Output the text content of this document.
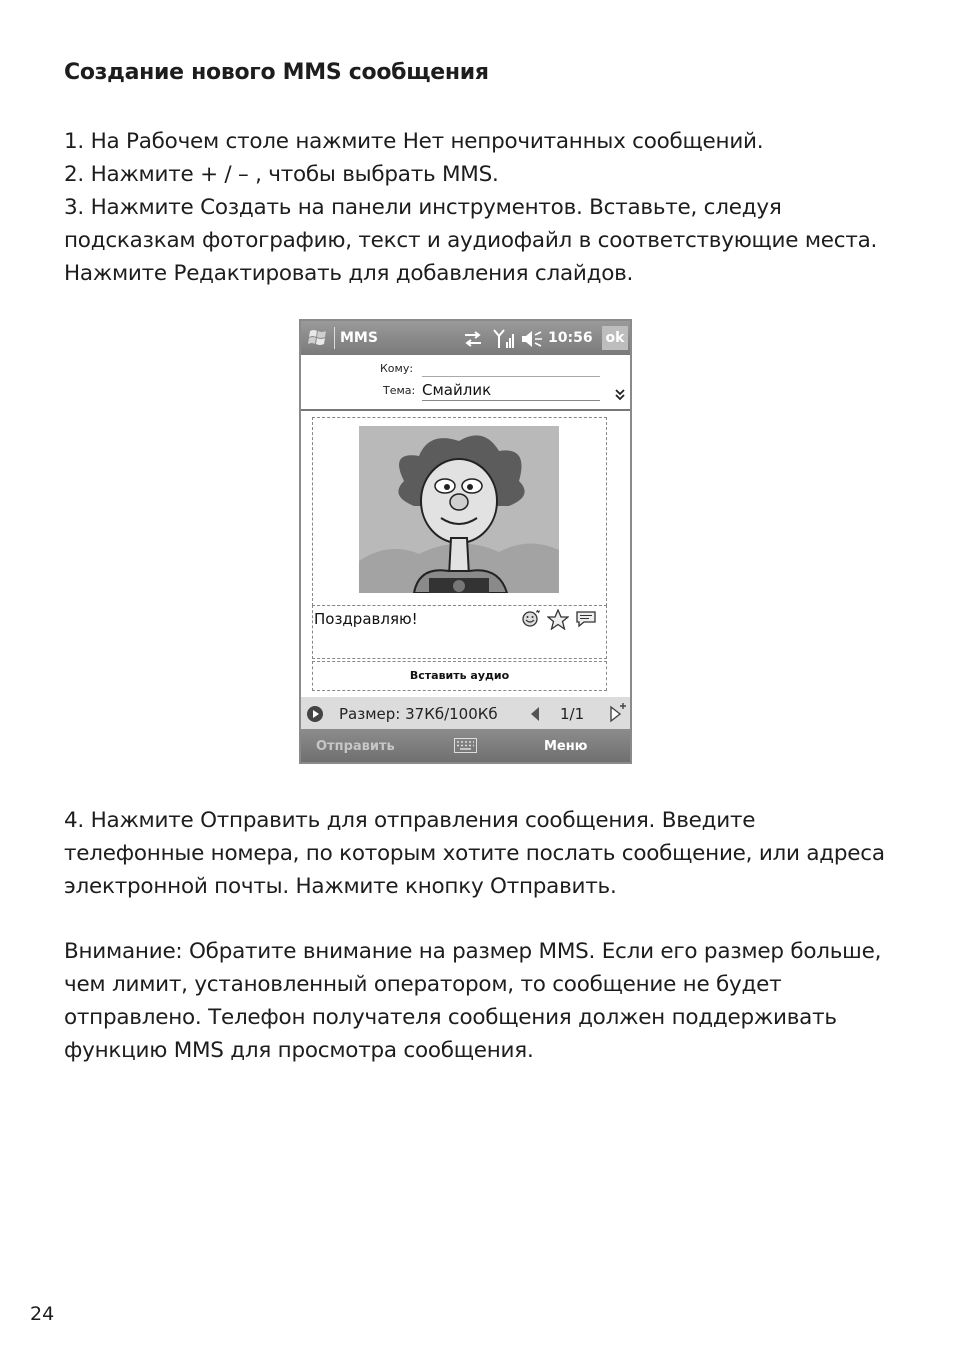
Создание нового MMS сообщения

1. На Рабочем столе нажмите Нет непрочитанных сообщений.

2. Нажмите + / – , чтобы выбрать MMS.

3. Нажмите Создать на панели инструментов. Вставьте, следуя подсказкам фотографию, текст и аудиофайл в соответствующие места. Нажмите Редактировать для добавления слайдов.

MMS	10:56 ok
Кому:
Тема: Смайлик
Поздравляю!
Вставить аудио
Размер: 37Кб/100Кб	1/1
Отправить	Меню

4. Нажмите Отправить для отправления сообщения. Введите телефонные номера, по которым хотите послать сообщение, или адреса электронной почты. Нажмите кнопку Отправить.

Внимание: Обратите внимание на размер MMS. Если его размер больше, чем лимит, установленный оператором, то сообщение не будет отправлено. Телефон получателя сообщения должен поддерживать функцию MMS для просмотра сообщения.

24
